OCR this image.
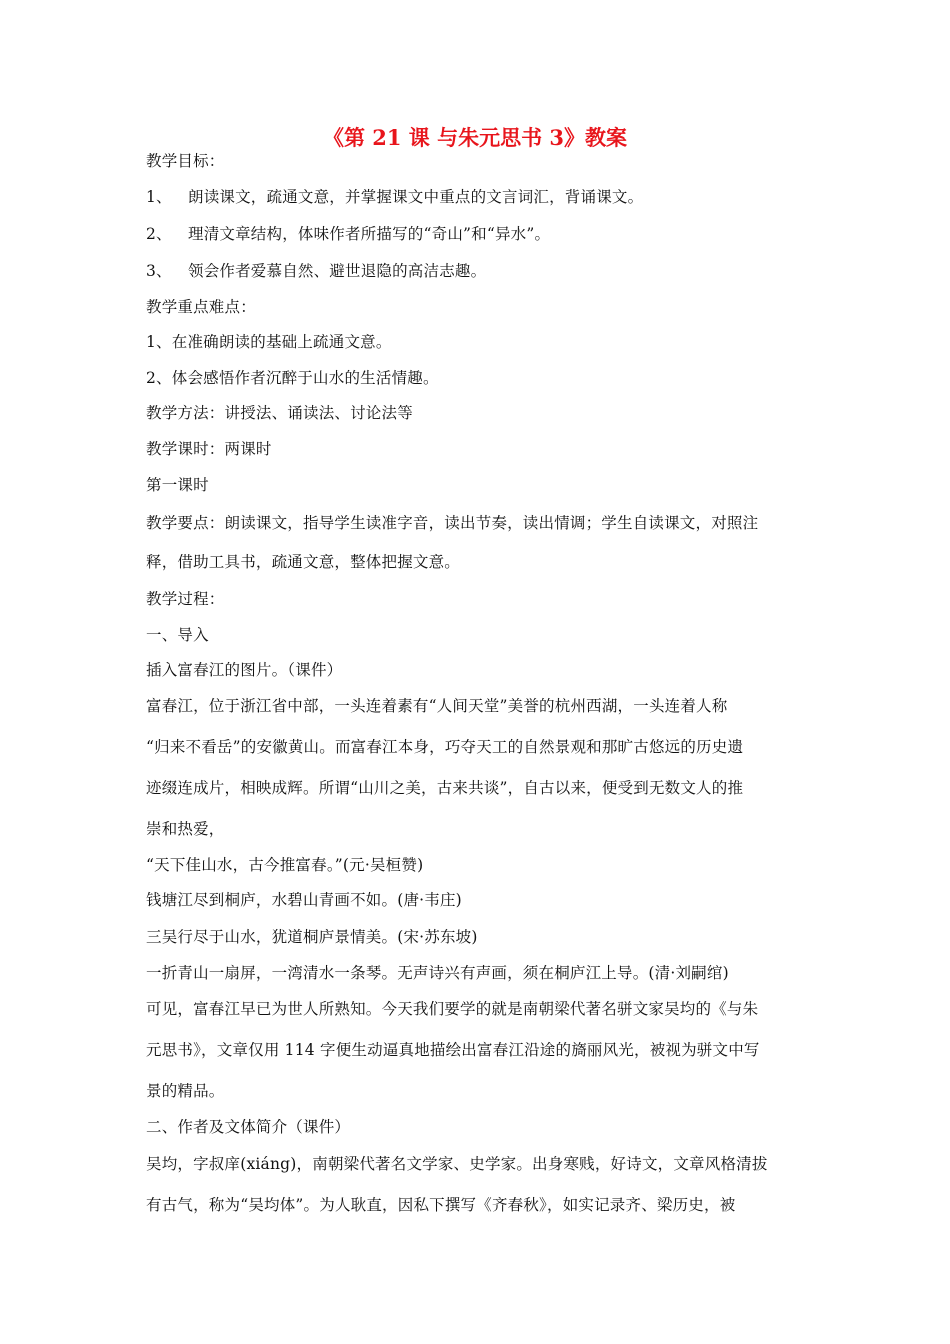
《第 21 课 与朱元思书 3》教案
教学目标：
1、 朗读课文，疏通文意，并掌握课文中重点的文言词汇，背诵课文。
2、 理清文章结构，体味作者所描写的“奇山”和“异水”。
3、 领会作者爱慕自然、避世退隐的高洁志趣。
教学重点难点：
1、在准确朗读的基础上疏通文意。
2、体会感悟作者沉醉于山水的生活情趣。
教学方法：讲授法、诵读法、讨论法等
教学课时：两课时
第一课时
教学要点：朗读课文，指导学生读准字音，读出节奏，读出情调；学生自读课文，对照注
释，借助工具书，疏通文意，整体把握文意。
教学过程：
一、导入
插入富春江的图片。（课件）
富春江，位于浙江省中部，一头连着素有“人间天堂”美誉的杭州西湖，一头连着人称
“归来不看岳”的安徽黄山。而富春江本身，巧夺天工的自然景观和那旷古悠远的历史遗
迹缀连成片，相映成辉。所谓“山川之美，古来共谈”，自古以来，便受到无数文人的推
崇和热爱，
“天下佳山水，古今推富春。”(元·吴桓赞)
钱塘江尽到桐庐，水碧山青画不如。(唐·韦庄)
三吴行尽于山水，犹道桐庐景情美。(宋·苏东坡)
一折青山一扇屏，一湾清水一条琴。无声诗兴有声画，须在桐庐江上导。(清·刘嗣绾)
可见，富春江早已为世人所熟知。今天我们要学的就是南朝梁代著名骈文家吴均的《与朱
元思书》，文章仅用 114 字便生动逼真地描绘出富春江沿途的旖丽风光，被视为骈文中写
景的精品。
二、作者及文体简介（课件）
吴均，字叔庠(xiáng)，南朝梁代著名文学家、史学家。出身寒贱，好诗文，文章风格清拔
有古气，称为“吴均体”。为人耿直，因私下撰写《齐春秋》，如实记录齐、梁历史，被
